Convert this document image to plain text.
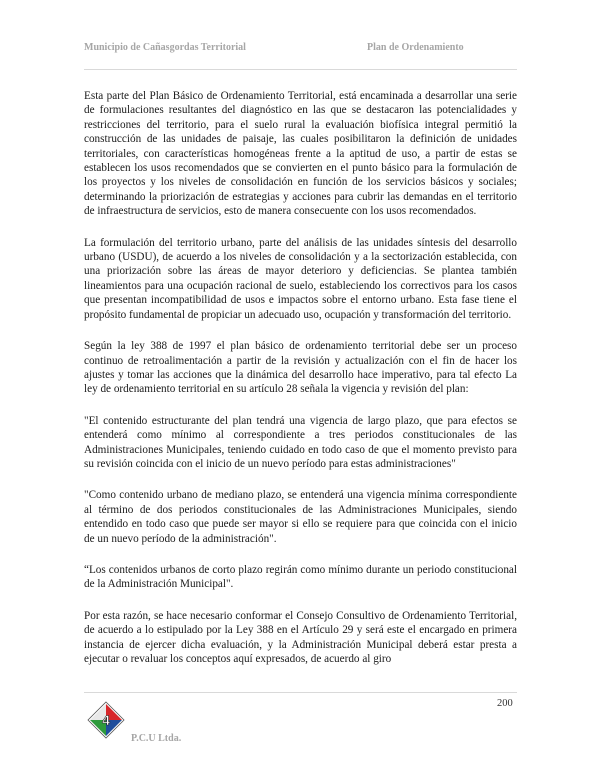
Municipio de Cañasgordas Territorial	Plan de Ordenamiento

Esta parte del Plan Básico de Ordenamiento Territorial, está encaminada a desarrollar una serie de formulaciones resultantes del diagnóstico en las que se destacaron las potencialidades y restricciones del territorio, para el suelo rural la evaluación biofísica integral permitió la construcción de las unidades de paisaje, las cuales posibilitaron la definición de unidades territoriales, con características homogéneas frente a la aptitud de uso, a partir de estas se establecen los usos recomendados que se convierten en el punto básico para la formulación de los proyectos y los niveles de consolidación en función de los servicios básicos y sociales; determinando la priorización de estrategias y acciones para cubrir las demandas en el territorio de infraestructura de servicios, esto de manera consecuente con los usos recomendados.

La formulación del territorio urbano, parte del análisis de las unidades síntesis del desarrollo urbano (USDU), de acuerdo a los niveles de consolidación y a la sectorización establecida, con una priorización sobre las áreas de mayor deterioro y deficiencias. Se plantea también lineamientos para una ocupación racional de suelo, estableciendo los correctivos para los casos que presentan incompatibilidad de usos e impactos sobre el entorno urbano. Esta fase tiene el propósito fundamental de propiciar un adecuado uso, ocupación y transformación del territorio.

Según la ley 388 de 1997 el plan básico de ordenamiento territorial debe ser un proceso continuo de retroalimentación a partir de la revisión y actualización con el fin de hacer los ajustes y tomar las acciones que la dinámica del desarrollo hace imperativo, para tal efecto La ley de ordenamiento territorial en su artículo 28 señala la vigencia y revisión del plan:

"El contenido estructurante del plan tendrá una vigencia de largo plazo, que para efectos se entenderá como mínimo al correspondiente a tres periodos constitucionales de las Administraciones Municipales, teniendo cuidado en todo caso de que el momento previsto para su revisión coincida con el inicio de un nuevo período para estas administraciones"

"Como contenido urbano de mediano plazo, se entenderá una vigencia mínima correspondiente al término de dos periodos constitucionales de las Administraciones Municipales, siendo entendido en todo caso que puede ser mayor si ello se requiere para que coincida con el inicio de un nuevo período de la administración".

“Los contenidos urbanos de corto plazo regirán como mínimo durante un periodo constitucional de la Administración Municipal".

Por esta razón, se hace necesario conformar el Consejo Consultivo de Ordenamiento Territorial, de acuerdo a lo estipulado por la Ley 388 en el Artículo 29 y será este el encargado en primera instancia de ejercer dicha evaluación, y la Administración Municipal deberá estar presta a ejecutar o revaluar los conceptos aquí expresados, de acuerdo al giro

200
4
P.C.U Ltda.
